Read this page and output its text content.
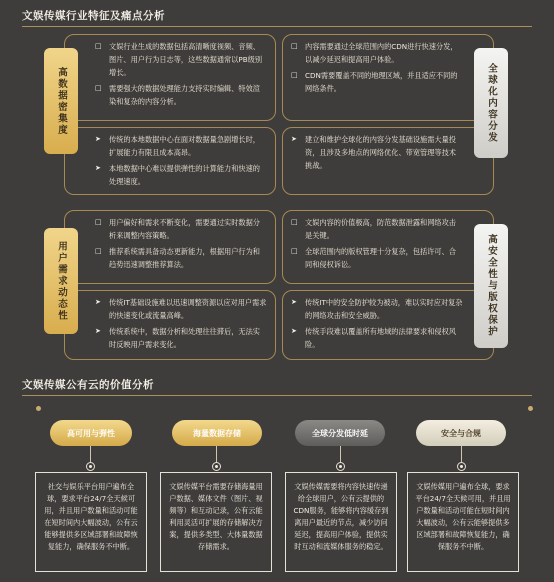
文娱传媒行业特征及痛点分析
□	文娱行业生成的数据包括高清晰度视频、音频、图片、用户行为日志等，这些数据通常以PB级别增长。
□	需要强大的数据处理能力支持实时编辑、特效渲染和复杂的内容分析。
➤	传统的本地数据中心在面对数据量急剧增长时，扩展能力有限且成本高昂。
➤	本地数据中心难以提供弹性的计算能力和快速的处理速度。
高数据密集度
□	内容需要通过全球范围内的CDN进行快速分发，以减少延迟和提高用户体验。
□	CDN需要覆盖不同的地理区域，并且适应不同的网络条件。
➤	建立和维护全球化的内容分发基础设施需大量投资，且涉及多地点的网络优化、带宽管理等技术挑战。
全球化内容分发
□	用户偏好和需求不断变化，需要通过实时数据分析来调整内容策略。
□	推荐系统需具备动态更新能力，根据用户行为和趋势迅速调整推荐算法。
➤	传统IT基础设施难以迅速调整资源以应对用户需求的快速变化或流量高峰。
➤	传统系统中，数据分析和处理往往滞后，无法实时反映用户需求变化。
用户需求动态性
□	文娱内容的价值极高，防范数据泄露和网络攻击是关键。
□	全球范围内的版权管理十分复杂，包括许可、合同和侵权诉讼。
➤	传统IT中的安全防护较为被动，难以实时应对复杂的网络攻击和安全威胁。
➤	传统手段难以覆盖所有地域的法律要求和侵权风险。
高安全性与版权保护
文娱传媒公有云的价值分析
高可用与弹性
社交与娱乐平台用户遍布全球，要求平台24/7全天候可用，并且用户数量和活动可能在短时间内大幅波动，公有云能够提供多区域部署和故障恢复能力，确保服务不中断。
海量数据存储
文娱传媒平台需要存储海量用户数据、媒体文件（图片、视频等）和互动记录，公有云能利用灵活可扩展的存储解决方案，提供多类型、大体量数据存储需求。
全球分发低时延
文娱传媒需要将内容快速传递给全球用户，公有云提供的CDN服务，能够将内容缓存到离用户最近的节点，减少访问延迟，提高用户体验，提供实时互动和流媒体服务的稳定。
安全与合规
文娱传媒用户遍布全球，要求平台24/7全天候可用，并且用户数量和活动可能在短时间内大幅波动，公有云能够提供多区域部署和故障恢复能力，确保服务不中断。
